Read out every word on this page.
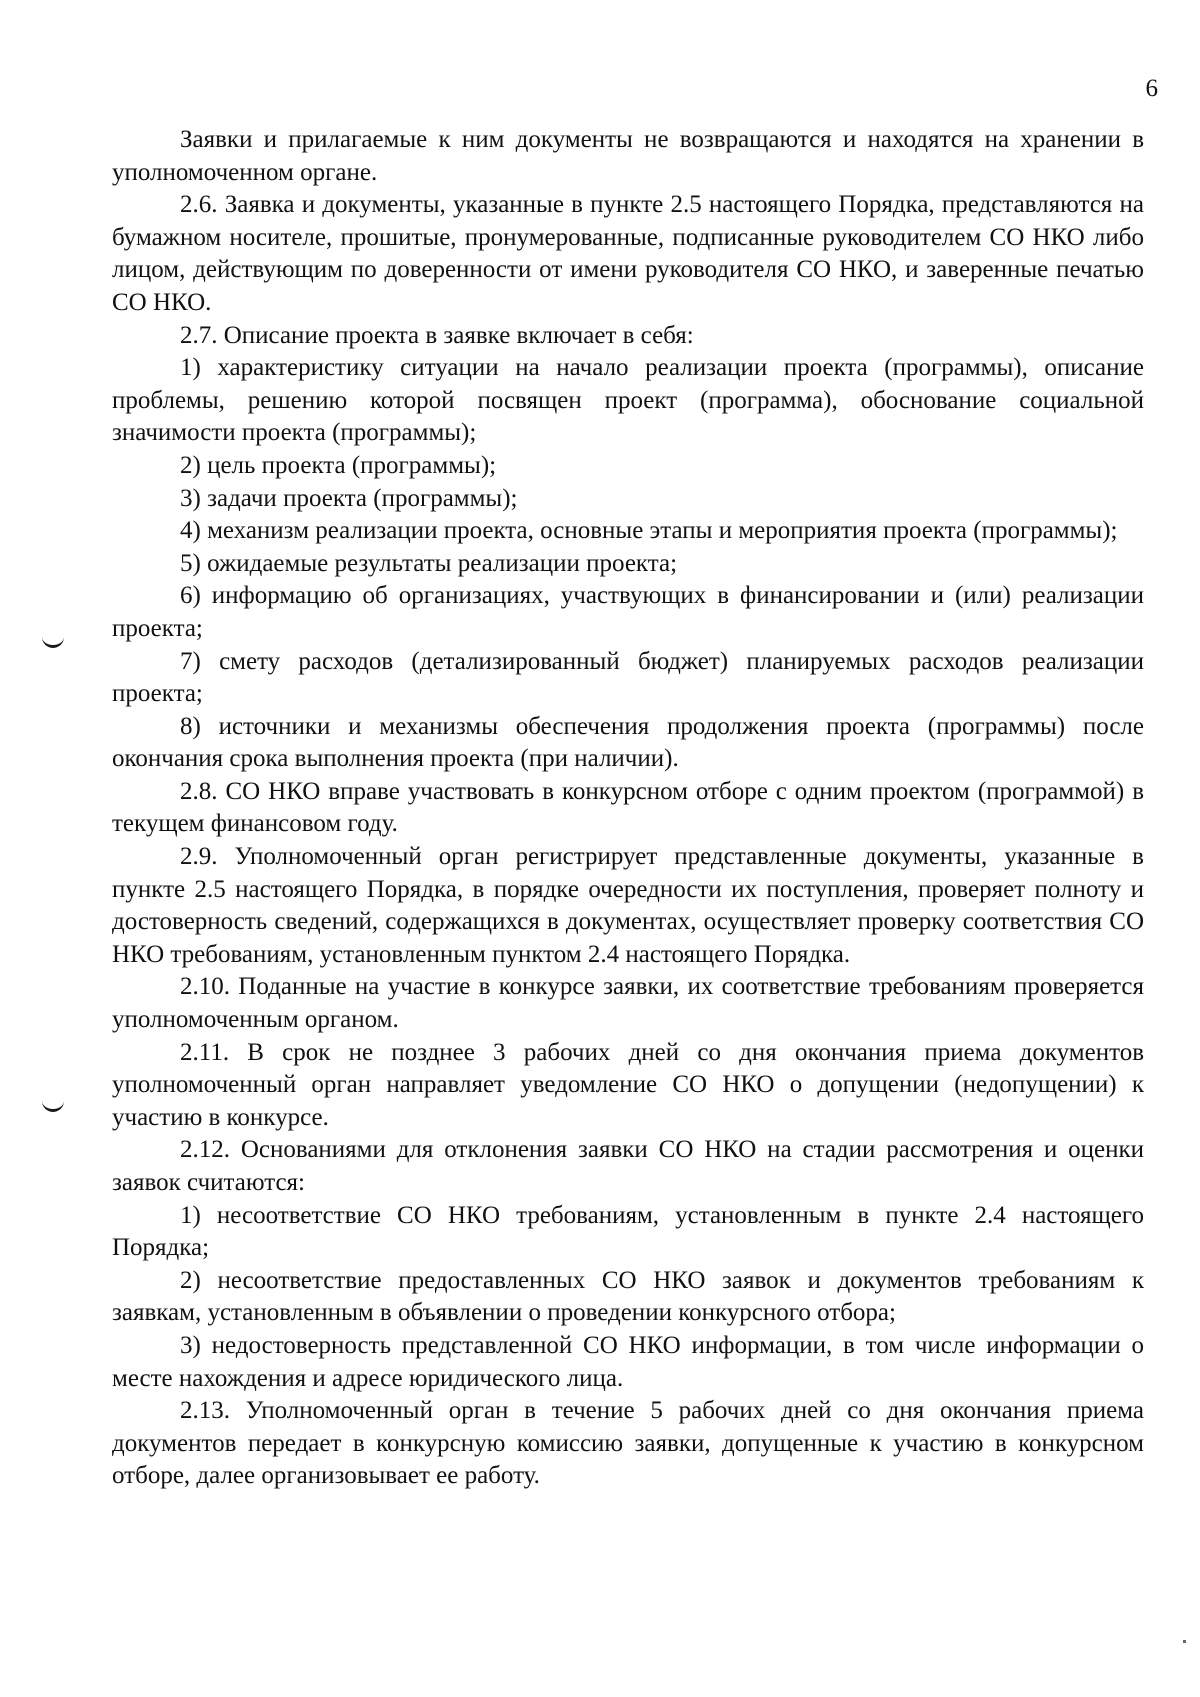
6

Заявки и прилагаемые к ним документы не возвращаются и находятся на хранении в уполномоченном органе.

2.6. Заявка и документы, указанные в пункте 2.5 настоящего Порядка, представляются на бумажном носителе, прошитые, пронумерованные, подписанные руководителем СО НКО либо лицом, действующим по доверенности от имени руководителя СО НКО, и заверенные печатью СО НКО.

2.7. Описание проекта в заявке включает в себя:

1) характеристику ситуации на начало реализации проекта (программы), описание проблемы, решению которой посвящен проект (программа), обоснование социальной значимости проекта (программы);

2) цель проекта (программы);

3) задачи проекта (программы);

4) механизм реализации проекта, основные этапы и мероприятия проекта (программы);

5) ожидаемые результаты реализации проекта;

6) информацию об организациях, участвующих в финансировании и (или) реализации проекта;

7) смету расходов (детализированный бюджет) планируемых расходов реализации проекта;

8) источники и механизмы обеспечения продолжения проекта (программы) после окончания срока выполнения проекта (при наличии).

2.8. СО НКО вправе участвовать в конкурсном отборе с одним проектом (программой) в текущем финансовом году.

2.9. Уполномоченный орган регистрирует представленные документы, указанные в пункте 2.5 настоящего Порядка, в порядке очередности их поступления, проверяет полноту и достоверность сведений, содержащихся в документах, осуществляет проверку соответствия СО НКО требованиям, установленным пунктом 2.4 настоящего Порядка.

2.10. Поданные на участие в конкурсе заявки, их соответствие требованиям проверяется уполномоченным органом.

2.11. В срок не позднее 3 рабочих дней со дня окончания приема документов уполномоченный орган направляет уведомление СО НКО о допущении (недопущении) к участию в конкурсе.

2.12. Основаниями для отклонения заявки СО НКО на стадии рассмотрения и оценки заявок считаются:

1) несоответствие СО НКО требованиям, установленным в пункте 2.4 настоящего Порядка;

2) несоответствие предоставленных СО НКО заявок и документов требованиям к заявкам, установленным в объявлении о проведении конкурсного отбора;

3) недостоверность представленной СО НКО информации, в том числе информации о месте нахождения и адресе юридического лица.

2.13. Уполномоченный орган в течение 5 рабочих дней со дня окончания приема документов передает в конкурсную комиссию заявки, допущенные к участию в конкурсном отборе, далее организовывает ее работу.
